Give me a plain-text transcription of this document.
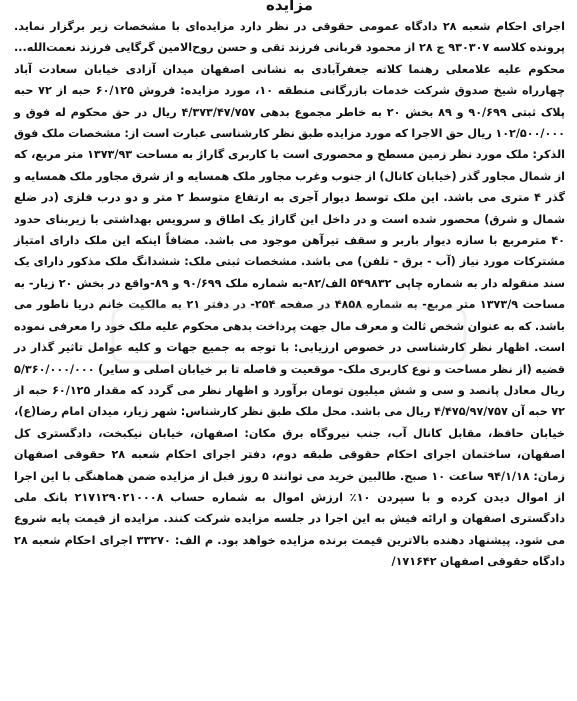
مزایده

اجرای احکام شعبه ۲۸ دادگاه عمومی حقوقی در نظر دارد مزایده‌ای با مشخصات زیر برگزار نماید. پرونده کلاسه ۹۳۰۳۰۷ ج ۲۸ از محمود قربانی فرزند تقی و حسن روح‌الامین گرگایی فرزند نعمت‌الله... محکوم علیه علامعلی رهنما کلاته جعفرآبادی به نشانی اصفهان میدان آزادی خیابان سعادت آباد چهارراه شیخ صدوق شرکت خدمات بازرگانی منطقه ۱۰، مورد مزایده: فروش ۶۰/۱۲۵ حبه از ۷۲ حبه پلاک ثبتی ۹۰/۶۹۹ و ۸۹ بخش ۲۰ به خاطر مجموع بدهی ۴/۳۷۳/۴۷/۷۵۷ ریال در حق محکوم له فوق و ۱۰۲/۵۰۰/۰۰۰ ریال حق الاجرا که مورد مزایده طبق نظر کارشناسی عبارت است از: مشخصات ملک فوق الذکر: ملک مورد نظر زمین مسطح و محصوری است با کاربری گاراژ به مساحت ۱۳۷۳/۹۳ متر مربع، که از شمال مجاور گذر (خیابان کانال) از جنوب وغرب مجاور ملک همسایه و از شرق مجاور ملک همسایه و گذر ۴ متری می باشد. این ملک توسط دیوار آجری به ارتفاع متوسط ۲ متر و دو درب فلزی (در ضلع شمال و شرق) محصور شده است و در داخل این گاراژ یک اطاق و سرویس بهداشتی با زیربنای حدود ۴۰ مترمربع با سازه دیوار باربر و سقف تیرآهن موجود می باشد. مضافاً اینکه این ملک دارای امتیاز مشترکات مورد نیاز (آب - برق - تلفن) می باشد. مشخصات ثبتی ملک: ششدانگ ملک مذکور دارای یک سند منقوله دار به شماره چاپی ۵۴۹۸۳۲ الف/۸۲-به شماره ملک ۹۰/۶۹۹ و ۸۹-واقع در بخش ۲۰ زیار- به مساحت ۱۳۷۳/۹ متر مربع- به شماره ۴۸۵۸ در صفحه ۲۵۴- در دفتر ۲۱ به مالکیت خانم دریا ناطور می باشد. که به عنوان شخص ثالث و معرف مال جهت پرداخت بدهی محکوم علیه ملک خود را معرفی نموده است. اظهار نظر کارشناسی در خصوص ارزیابی: با توجه به جمیع جهات و کلیه عوامل تاثیر گذار در قضیه (از نظر مساحت و نوع کاربری ملک- موقعیت و فاصله تا بر خیابان اصلی و سایر) ۵/۳۶۰/۰۰۰/۰۰۰ ریال معادل پانصد و سی و شش میلیون تومان برآورد و اظهار نظر می گردد که مقدار ۶۰/۱۲۵ حبه از ۷۲ حبه آن ۴/۴۷۵/۹۷/۷۵۷ ریال می باشد. محل ملک طبق نظر کارشناس: شهر زیار، میدان امام رضا(ع)، خیابان حافظ، مقابل کانال آب، جنب نیروگاه برق مکان: اصفهان، خیابان نیکبخت، دادگستری کل اصفهان، ساختمان اجرای احکام حقوقی طبقه دوم، دفتر اجرای احکام شعبه ۲۸ حقوقی اصفهان زمان: ۹۴/۱/۱۸ ساعت ۱۰ صبح. طالبین خرید می توانند ۵ روز قبل از مزایده ضمن هماهنگی با این اجرا از اموال دیدن کرده و با سپردن ۱۰٪ ارزش اموال به شماره حساب ۲۱۷۱۲۹۰۲۱۰۰۰۸ بانک ملی دادگستری اصفهان و ارائه فیش به این اجرا در جلسه مزایده شرکت کنند. مزایده از قیمت پایه شروع می شود. پیشنهاد دهنده بالاترین قیمت برنده مزایده خواهد بود. م الف: ۳۳۲۷۰ اجرای احکام شعبه ۲۸ دادگاه حقوقی اصفهان ۱۷۱۶۴۲/
